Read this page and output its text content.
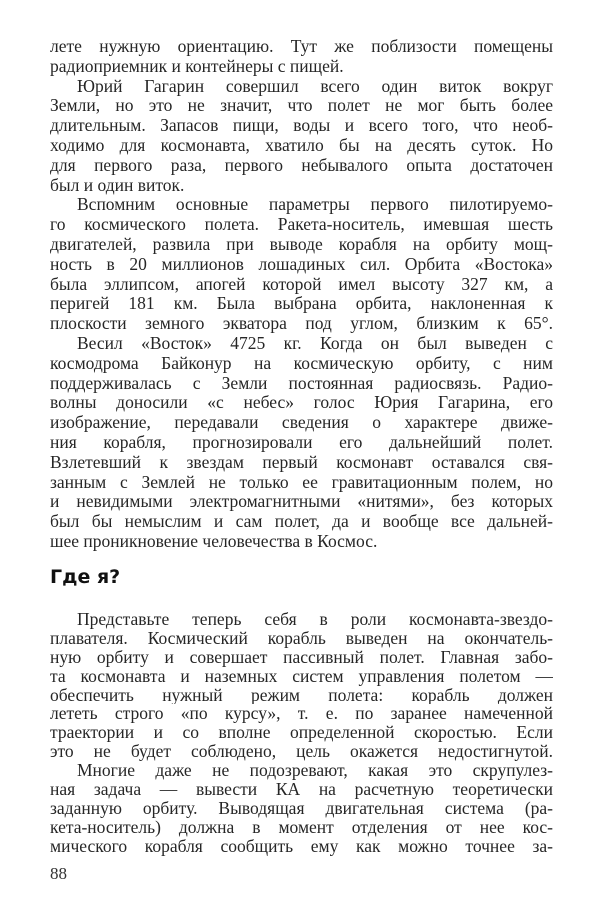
лете нужную ориентацию. Тут же поблизости помещены
радиоприемник и контейнеры с пищей.
Юрий Гагарин совершил всего один виток вокруг
Земли, но это не значит, что полет не мог быть более
длительным. Запасов пищи, воды и всего того, что необ-
ходимо для космонавта, хватило бы на десять суток. Но
для первого раза, первого небывалого опыта достаточен
был и один виток.
Вспомним основные параметры первого пилотируемо-
го космического полета. Ракета-носитель, имевшая шесть
двигателей, развила при выводе корабля на орбиту мощ-
ность в 20 миллионов лошадиных сил. Орбита «Востока»
была эллипсом, апогей которой имел высоту 327 км, а
перигей 181 км. Была выбрана орбита, наклоненная к
плоскости земного экватора под углом, близким к 65°.
Весил «Восток» 4725 кг. Когда он был выведен с
космодрома Байконур на космическую орбиту, с ним
поддерживалась с Земли постоянная радиосвязь. Радио-
волны доносили «с небес» голос Юрия Гагарина, его
изображение, передавали сведения о характере движе-
ния корабля, прогнозировали его дальнейший полет.
Взлетевший к звездам первый космонавт оставался свя-
занным с Землей не только ее гравитационным полем, но
и невидимыми электромагнитными «нитями», без которых
был бы немыслим и сам полет, да и вообще все дальней-
шее проникновение человечества в Космос.
Где я?
Представьте теперь себя в роли космонавта-звездо-
плавателя. Космический корабль выведен на окончатель-
ную орбиту и совершает пассивный полет. Главная забо-
та космонавта и наземных систем управления полетом —
обеспечить нужный режим полета: корабль должен
лететь строго «по курсу», т. е. по заранее намеченной
траектории и со вполне определенной скоростью. Если
это не будет соблюдено, цель окажется недостигнутой.
Многие даже не подозревают, какая это скрупулез-
ная задача — вывести КА на расчетную теоретически
заданную орбиту. Выводящая двигательная система (ра-
кета-носитель) должна в момент отделения от нее кос-
мического корабля сообщить ему как можно точнее за-
88
